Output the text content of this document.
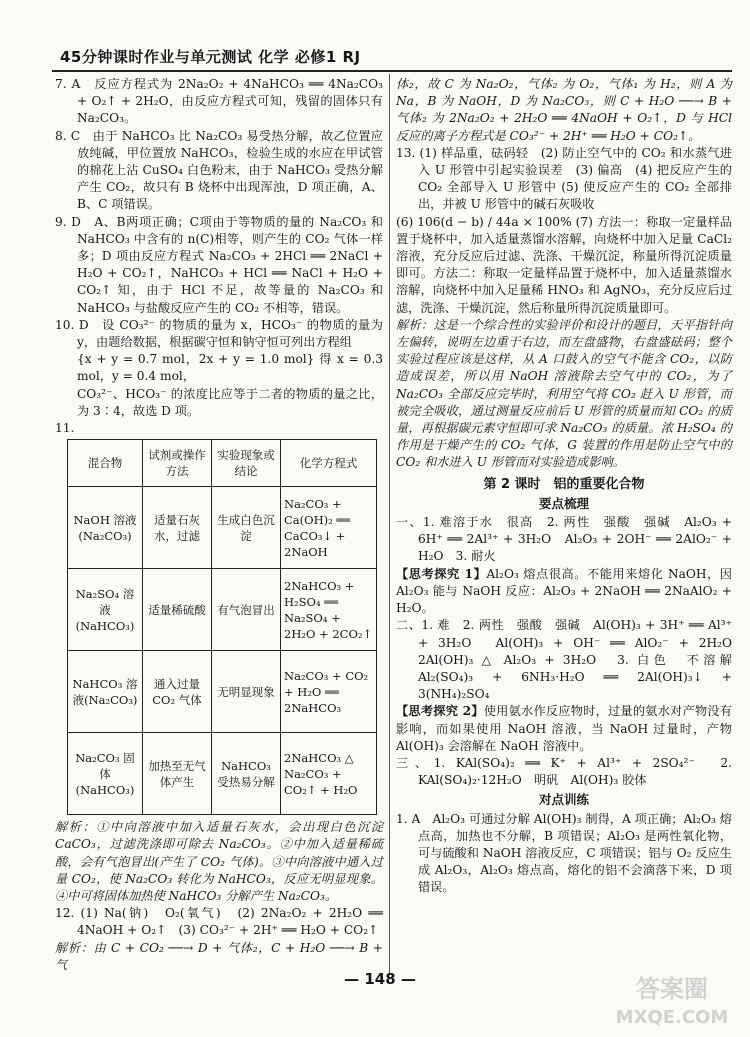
45分钟课时作业与单元测试 化学 必修1 RJ

7. A　反应方程式为 2Na₂O₂ + 4NaHCO₃ ══ 4Na₂CO₃ + O₂↑ + 2H₂O，由反应方程式可知，残留的固体只有 Na₂CO₃。

8. C　由于 NaHCO₃ 比 Na₂CO₃ 易受热分解，故乙位置应放纯碱，甲位置放 NaHCO₃，检验生成的水应在甲试管的棉花上沾 CuSO₄ 白色粉末，由于 NaHCO₃ 受热分解产生 CO₂，故只有 B 烧杯中出现浑浊，D 项正确，A、B、C 项错误。

9. D　A、B两项正确；C项由于等物质的量的 Na₂CO₃ 和 NaHCO₃ 中含有的 n(C)相等，则产生的 CO₂ 气体一样多；D 项由反应方程式 Na₂CO₃ + 2HCl ══ 2NaCl + H₂O + CO₂↑，NaHCO₃ + HCl ══ NaCl + H₂O + CO₂↑ 知，由于 HCl 不足，故等量的 Na₂CO₃ 和 NaHCO₃ 与盐酸反应产生的 CO₂ 不相等，错误。

10. D　设 CO₃²⁻ 的物质的量为 x，HCO₃⁻ 的物质的量为 y，由题给数据，根据碳守恒和钠守恒可列出方程组

{x + y = 0.7 mol，2x + y = 1.0 mol} 得 x = 0.3 mol，y = 0.4 mol，

CO₃²⁻、HCO₃⁻ 的浓度比应等于二者的物质的量之比，为 3∶4，故选 D 项。

11.

混合物	试剂或操作方法	实验现象或结论	化学方程式
NaOH 溶液(Na₂CO₃)	适量石灰水，过滤	生成白色沉淀	Na₂CO₃ + Ca(OH)₂ ══ CaCO₃↓ + 2NaOH
Na₂SO₄ 溶液(NaHCO₃)	适量稀硫酸	有气泡冒出	2NaHCO₃ + H₂SO₄ ══ Na₂SO₄ + 2H₂O + 2CO₂↑
NaHCO₃ 溶液(Na₂CO₃)	通入过量 CO₂ 气体	无明显现象	Na₂CO₃ + CO₂ + H₂O ══ 2NaHCO₃
Na₂CO₃ 固体(NaHCO₃)	加热至无气体产生	NaHCO₃ 受热易分解	2NaHCO₃ △ Na₂CO₃ + CO₂↑ + H₂O

解析：①中向溶液中加入适量石灰水，会出现白色沉淀 CaCO₃，过滤洗涤即可除去 Na₂CO₃。②中加入适量稀硫酸，会有气泡冒出(产生了 CO₂ 气体)。③中向溶液中通入过量 CO₂，使 Na₂CO₃ 转化为 NaHCO₃，反应无明显现象。④中可将固体加热使 NaHCO₃ 分解产生 Na₂CO₃。

12. (1) Na(钠)　O₂(氧气)　(2) 2Na₂O₂ + 2H₂O ══ 4NaOH + O₂↑　(3) CO₃²⁻ + 2H⁺ ══ H₂O + CO₂↑

解析：由 C + CO₂ ──→ D + 气体₂，C + H₂O ──→ B + 气

体₂，故 C 为 Na₂O₂，气体₂ 为 O₂，气体₁ 为 H₂，则 A 为 Na，B 为 NaOH，D 为 Na₂CO₃，则 C + H₂O ──→ B + 气体₂ 为 2Na₂O₂ + 2H₂O ══ 4NaOH + O₂↑，D 与 HCl 反应的离子方程式是 CO₃²⁻ + 2H⁺ ══ H₂O + CO₂↑。

13. (1) 样品重，砝码轻　(2) 防止空气中的 CO₂ 和水蒸气进入 U 形管中引起实验误差　(3) 偏高　(4) 把反应产生的 CO₂ 全部导入 U 形管中 (5) 使反应产生的 CO₂ 全部排出，并被 U 形管中的碱石灰吸收

(6) 106(d − b) / 44a × 100% (7) 方法一：称取一定量样品置于烧杯中，加入适量蒸馏水溶解，向烧杯中加入足量 CaCl₂ 溶液，充分反应后过滤、洗涤、干燥沉淀，称量所得沉淀质量即可。方法二：称取一定量样品置于烧杯中，加入适量蒸馏水溶解，向烧杯中加入足量稀 HNO₃ 和 AgNO₃，充分反应后过滤，洗涤、干燥沉淀，然后称量所得沉淀质量即可。

解析：这是一个综合性的实验评价和设计的题目，天平指针向左偏转，说明左边重于右边，而左盘盛物，右盘盛砝码；整个实验过程应该是这样，从 A 口鼓入的空气不能含 CO₂，以防造成误差，所以用 NaOH 溶液除去空气中的 CO₂，为了 Na₂CO₃ 全部反应完毕时，利用空气将 CO₂ 赶入 U 形管，而被完全吸收，通过测量反应前后 U 形管的质量而知 CO₂ 的质量，再根据碳元素守恒即可求 Na₂CO₃ 的质量。浓 H₂SO₄ 的作用是干燥产生的 CO₂ 气体，G 装置的作用是防止空气中的 CO₂ 和水进入 U 形管而对实验造成影响。

第 2 课时　铝的重要化合物
要点梳理

一、1. 难溶于水　很高　2. 两性　强酸　强碱　Al₂O₃ + 6H⁺ ══ 2Al³⁺ + 3H₂O　Al₂O₃ + 2OH⁻ ══ 2AlO₂⁻ + H₂O　3. 耐火

【思考探究 1】Al₂O₃ 熔点很高。不能用来熔化 NaOH，因 Al₂O₃ 能与 NaOH 反应：Al₂O₃ + 2NaOH ══ 2NaAlO₂ + H₂O。

二、1. 难　2. 两性　强酸　强碱　Al(OH)₃ + 3H⁺ ══ Al³⁺ + 3H₂O　Al(OH)₃ + OH⁻ ══ AlO₂⁻ + 2H₂O　2Al(OH)₃ △ Al₂O₃ + 3H₂O　3. 白色　不溶解　Al₂(SO₄)₃ + 6NH₃·H₂O ══ 2Al(OH)₃↓ + 3(NH₄)₂SO₄

【思考探究 2】使用氨水作反应物时，过量的氨水对产物没有影响，而如果使用 NaOH 溶液，当 NaOH 过量时，产物 Al(OH)₃ 会溶解在 NaOH 溶液中。

三、1. KAl(SO₄)₂ ══ K⁺ + Al³⁺ + 2SO₄²⁻　2. KAl(SO₄)₂·12H₂O　明矾　Al(OH)₃ 胶体

对点训练

1. A　Al₂O₃ 可通过分解 Al(OH)₃ 制得，A 项正确；Al₂O₃ 熔点高，加热也不分解，B 项错误；Al₂O₃ 是两性氧化物，可与硫酸和 NaOH 溶液反应，C 项错误；铝与 O₂ 反应生成 Al₂O₃，Al₂O₃ 熔点高，熔化的铝不会滴落下来，D 项错误。

— 148 —	答案圈
MXQE.COM
